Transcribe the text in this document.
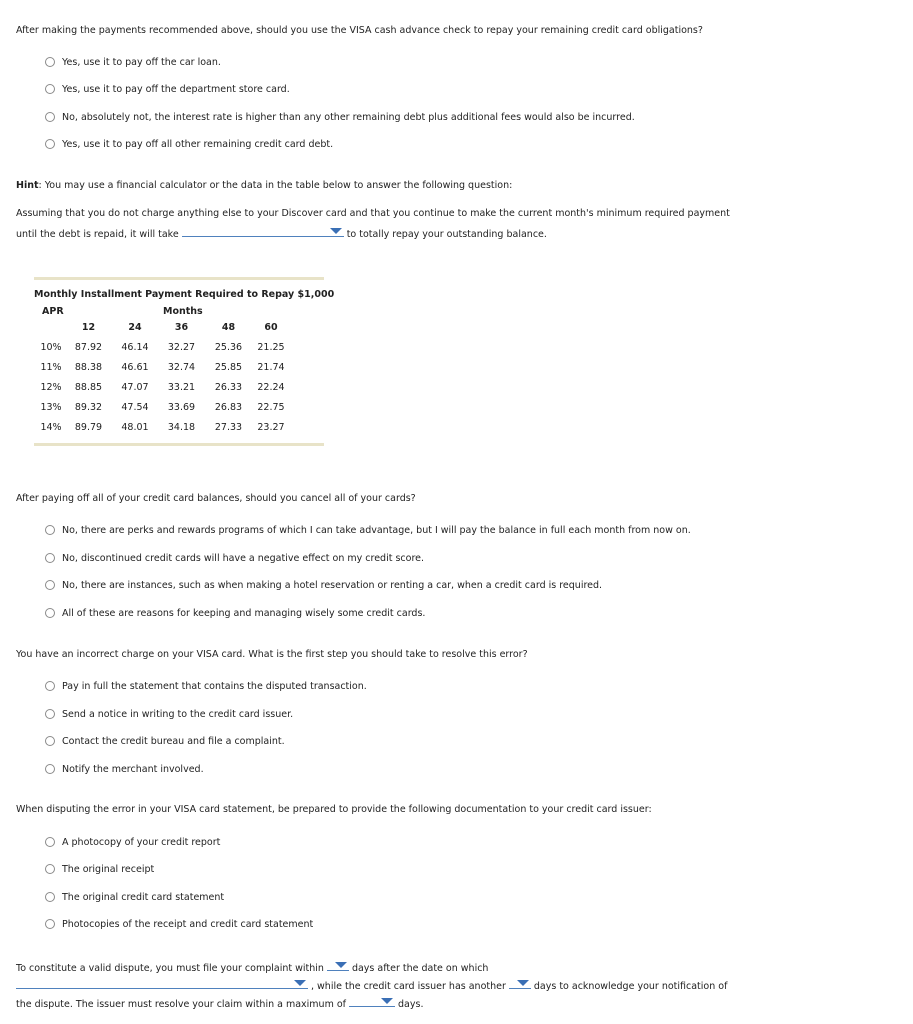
After making the payments recommended above, should you use the VISA cash advance check to repay your remaining credit card obligations?
Yes, use it to pay off the car loan.
Yes, use it to pay off the department store card.
No, absolutely not, the interest rate is higher than any other remaining debt plus additional fees would also be incurred.
Yes, use it to pay off all other remaining credit card debt.
Hint: You may use a financial calculator or the data in the table below to answer the following question:
Assuming that you do not charge anything else to your Discover card and that you continue to make the current month's minimum required payment
until the debt is repaid, it will take	to totally repay your outstanding balance.
Monthly Installment Payment Required to Repay $1,000
APR	Months
	12	24	36	48	60
10%	87.92	46.14	32.27	25.36	21.25
11%	88.38	46.61	32.74	25.85	21.74
12%	88.85	47.07	33.21	26.33	22.24
13%	89.32	47.54	33.69	26.83	22.75
14%	89.79	48.01	34.18	27.33	23.27
After paying off all of your credit card balances, should you cancel all of your cards?
No, there are perks and rewards programs of which I can take advantage, but I will pay the balance in full each month from now on.
No, discontinued credit cards will have a negative effect on my credit score.
No, there are instances, such as when making a hotel reservation or renting a car, when a credit card is required.
All of these are reasons for keeping and managing wisely some credit cards.
You have an incorrect charge on your VISA card. What is the first step you should take to resolve this error?
Pay in full the statement that contains the disputed transaction.
Send a notice in writing to the credit card issuer.
Contact the credit bureau and file a complaint.
Notify the merchant involved.
When disputing the error in your VISA card statement, be prepared to provide the following documentation to your credit card issuer:
A photocopy of your credit report
The original receipt
The original credit card statement
Photocopies of the receipt and credit card statement
To constitute a valid dispute, you must file your complaint within	days after the date on which
, while the credit card issuer has another	days to acknowledge your notification of
the dispute. The issuer must resolve your claim within a maximum of	days.
